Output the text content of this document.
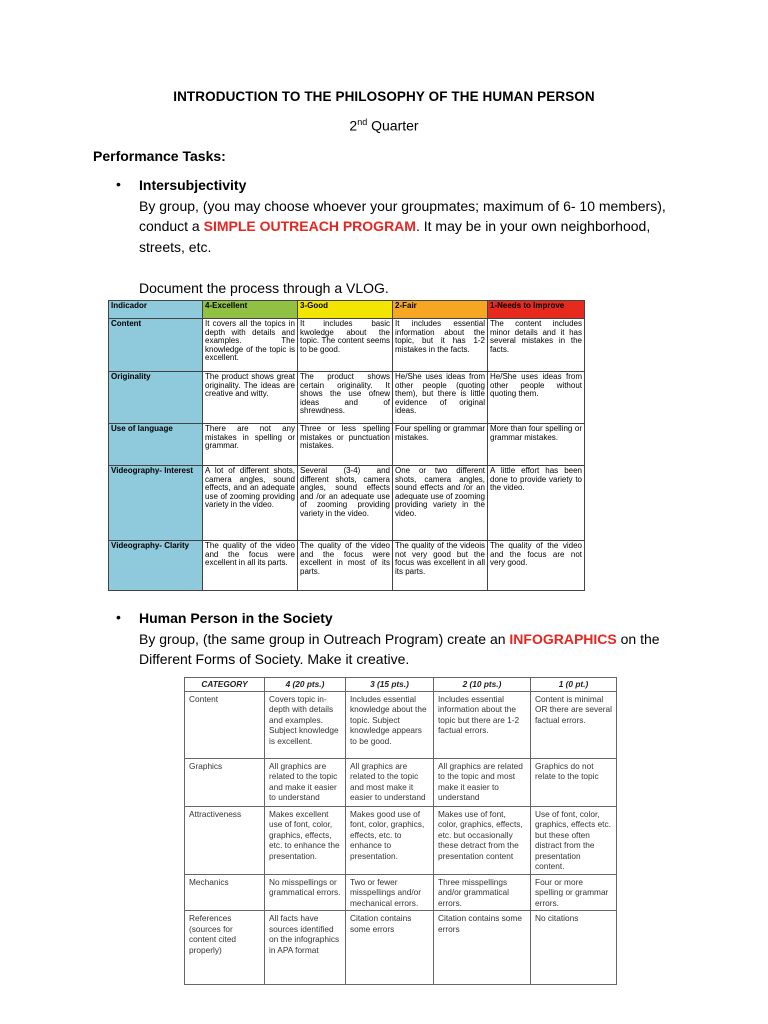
INTRODUCTION TO THE PHILOSOPHY OF THE HUMAN PERSON
2nd Quarter
Performance Tasks:
• Intersubjectivity
By group, (you may choose whoever your groupmates; maximum of 6- 10 members),
conduct a SIMPLE OUTREACH PROGRAM. It may be in your own neighborhood,
streets, etc.
Document the process through a VLOG.
Indicador	4-Excellent	3-Good	2-Fair	1-Needs to Improve
Content	It covers all the topics in depth with details and examples. The knowledge of the topic is excellent.	It includes basic kwoledge about the topic. The content seems to be good.	It includes essential information about the topic, but it has 1-2 mistakes in the facts.	The content includes minor details and it has several mistakes in the facts.
Originality	The product shows great originality. The ideas are creative and witty.	The product shows certain originality. It shows the use ofnew ideas and of shrewdness.	He/She uses ideas from other people (quoting them), but there is little evidence of original ideas.	He/She uses ideas from other people without quoting them.
Use of language	There are not any mistakes in spelling or grammar.	Three or less spelling mistakes or punctuation mistakes.	Four spelling or grammar mistakes.	More than four spelling or grammar mistakes.
Videography- Interest	A lot of different shots, camera angles, sound effects, and an adequate use of zooming providing variety in the video.	Several (3-4) and different shots, camera angles, sound effects and /or an adequate use of zooming providing variety in the video.	One or two different shots, camera angles, sound effects and /or an adequate use of zooming providing variety in the video.	A little effort has been done to provide variety to the video.
Videography- Clarity	The quality of the video and the focus were excellent in all its parts.	The quality of the video and the focus were excellent in most of its parts.	The quality of the videois not very good but the focus was excellent in all its parts.	The quality of the video and the focus are not very good.
• Human Person in the Society
By group, (the same group in Outreach Program) create an INFOGRAPHICS on the
Different Forms of Society. Make it creative.
CATEGORY	4 (20 pts.)	3 (15 pts.)	2 (10 pts.)	1 (0 pt.)
Content	Covers topic in-depth with details and examples. Subject knowledge is excellent.	Includes essential knowledge about the topic. Subject knowledge appears to be good.	Includes essential information about the topic but there are 1-2 factual errors.	Content is minimal OR there are several factual errors.
Graphics	All graphics are related to the topic and make it easier to understand	All graphics are related to the topic and most make it easier to understand	All graphics are related to the topic and most make it easier to understand	Graphics do not relate to the topic
Attractiveness	Makes excellent use of font, color, graphics, effects, etc. to enhance the presentation.	Makes good use of font, color, graphics, effects, etc. to enhance to presentation.	Makes use of font, color, graphics, effects, etc. but occasionally these detract from the presentation content	Use of font, color, graphics, effects etc. but these often distract from the presentation content.
Mechanics	No misspellings or grammatical errors.	Two or fewer misspellings and/or mechanical errors.	Three misspellings and/or grammatical errors.	Four or more spelling or grammar errors.
References (sources for content cited properly)	All facts have sources identified on the infographics in APA format	Citation contains some errors	Citation contains some errors	No citations
